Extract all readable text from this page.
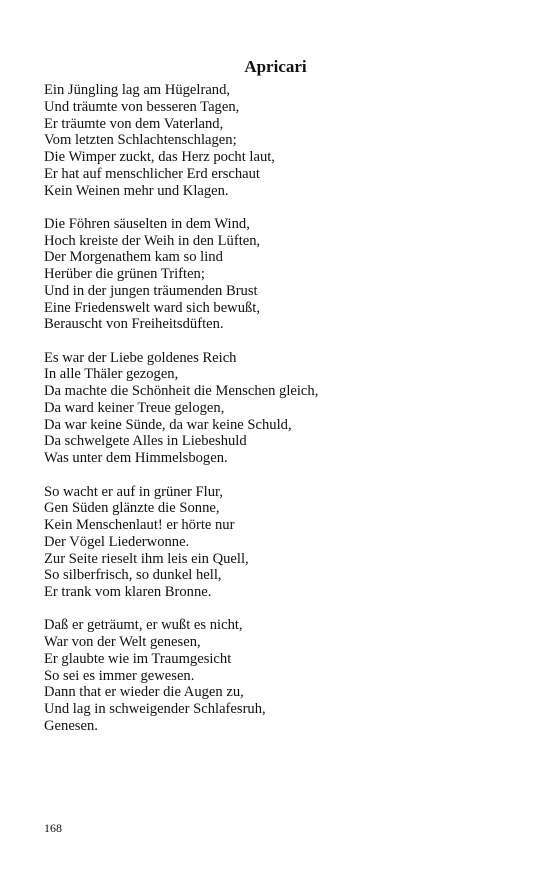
Apricari
Ein Jüngling lag am Hügelrand,
Und träumte von besseren Tagen,
Er träumte von dem Vaterland,
Vom letzten Schlachtenschlagen;
Die Wimper zuckt, das Herz pocht laut,
Er hat auf menschlicher Erd erschaut
Kein Weinen mehr und Klagen.
Die Föhren säuselten in dem Wind,
Hoch kreiste der Weih in den Lüften,
Der Morgenathem kam so lind
Herüber die grünen Triften;
Und in der jungen träumenden Brust
Eine Friedenswelt ward sich bewußt,
Berauscht von Freiheitsdüften.
Es war der Liebe goldenes Reich
In alle Thäler gezogen,
Da machte die Schönheit die Menschen gleich,
Da ward keiner Treue gelogen,
Da war keine Sünde, da war keine Schuld,
Da schwelgete Alles in Liebeshuld
Was unter dem Himmelsbogen.
So wacht er auf in grüner Flur,
Gen Süden glänzte die Sonne,
Kein Menschenlaut! er hörte nur
Der Vögel Liederwonne.
Zur Seite rieselt ihm leis ein Quell,
So silberfrisch, so dunkel hell,
Er trank vom klaren Bronne.
Daß er geträumt, er wußt es nicht,
War von der Welt genesen,
Er glaubte wie im Traumgesicht
So sei es immer gewesen.
Dann that er wieder die Augen zu,
Und lag in schweigender Schlafesruh,
Genesen.
168
